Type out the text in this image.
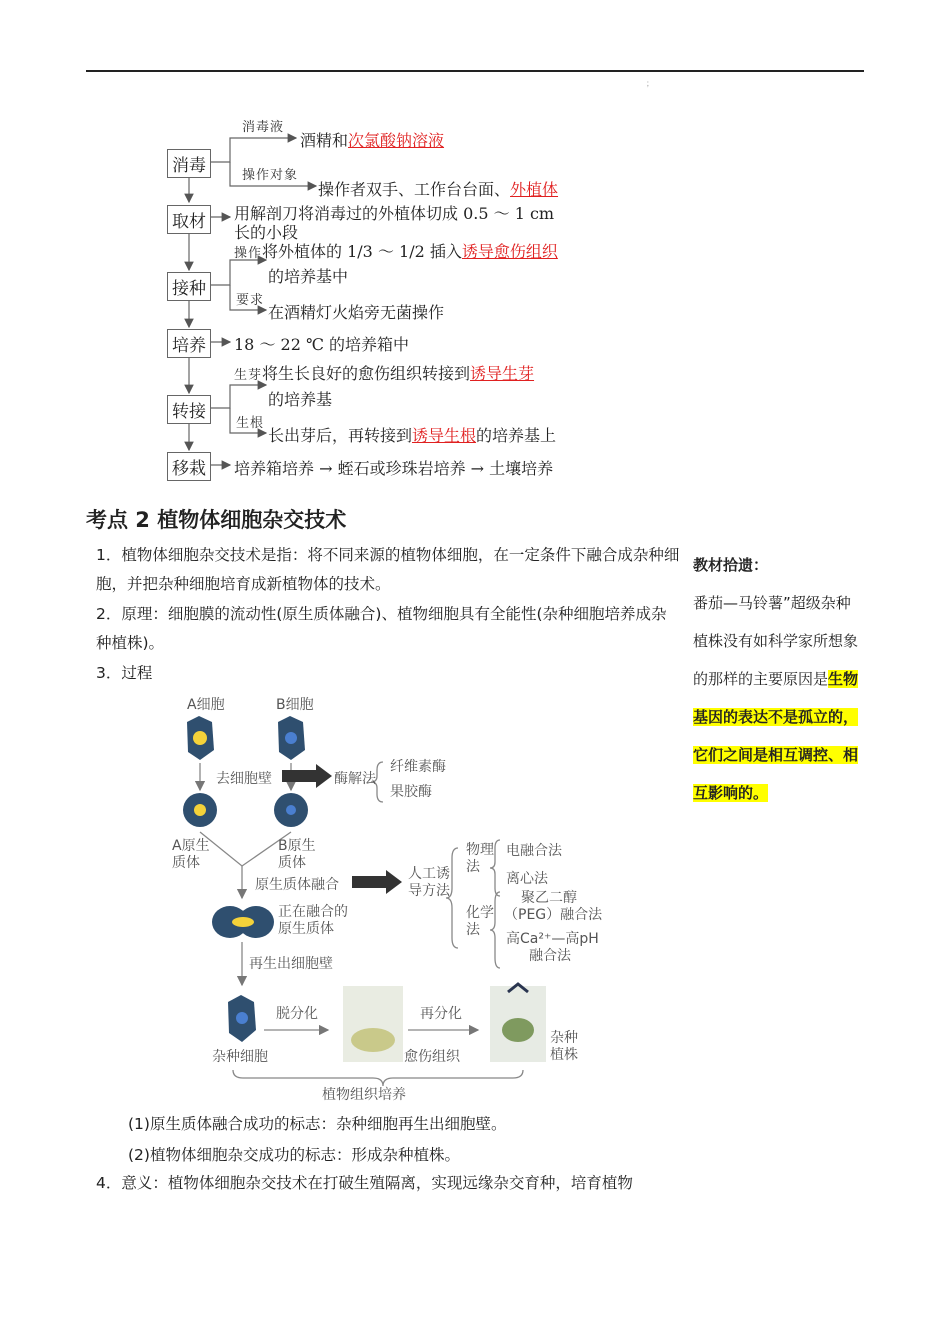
；
消毒
取材
接种
培养
转接
移栽
消毒液
酒精和次氯酸钠溶液
操作对象
操作者双手、工作台台面、外植体
用解剖刀将消毒过的外植体切成 0.5 ～ 1 cm
长的小段
操作将外植体的 1/3 ～ 1/2 插入诱导愈伤组织
的培养基中
要求
在酒精灯火焰旁无菌操作
18 ～ 22 ℃ 的培养箱中
生芽将生长良好的愈伤组织转接到诱导生芽
的培养基
生根
长出芽后，再转接到诱导生根的培养基上
培养箱培养 → 蛭石或珍珠岩培养 → 土壤培养
考点 2 植物体细胞杂交技术
1．植物体细胞杂交技术是指：将不同来源的植物体细胞，在一定条件下融合成杂种细胞，并把杂种细胞培育成新植物体的技术。
2．原理：细胞膜的流动性(原生质体融合)、植物细胞具有全能性(杂种细胞培养成杂种植株)。
3．过程
教材拾遗：
番茄—马铃薯”超级杂种植株没有如科学家所想象的那样的主要原因是生物基因的表达不是孤立的，它们之间是相互调控、相互影响的。
A细胞	B细胞
去细胞壁	酶解法
纤维素酶
果胶酶
A原生质体
B原生质体
原生质体融合
人工诱导方法
物理法
电融合法
离心法
化学法
聚乙二醇
（PEG）融合法
高Ca²⁺—高pH
融合法
正在融合的原生质体
再生出细胞壁
杂种细胞
脱分化
愈伤组织
再分化
杂种植株
植物组织培养
(1)原生质体融合成功的标志：杂种细胞再生出细胞壁。
(2)植物体细胞杂交成功的标志：形成杂种植株。
4．意义：植物体细胞杂交技术在打破生殖隔离，实现远缘杂交育种，培育植物
